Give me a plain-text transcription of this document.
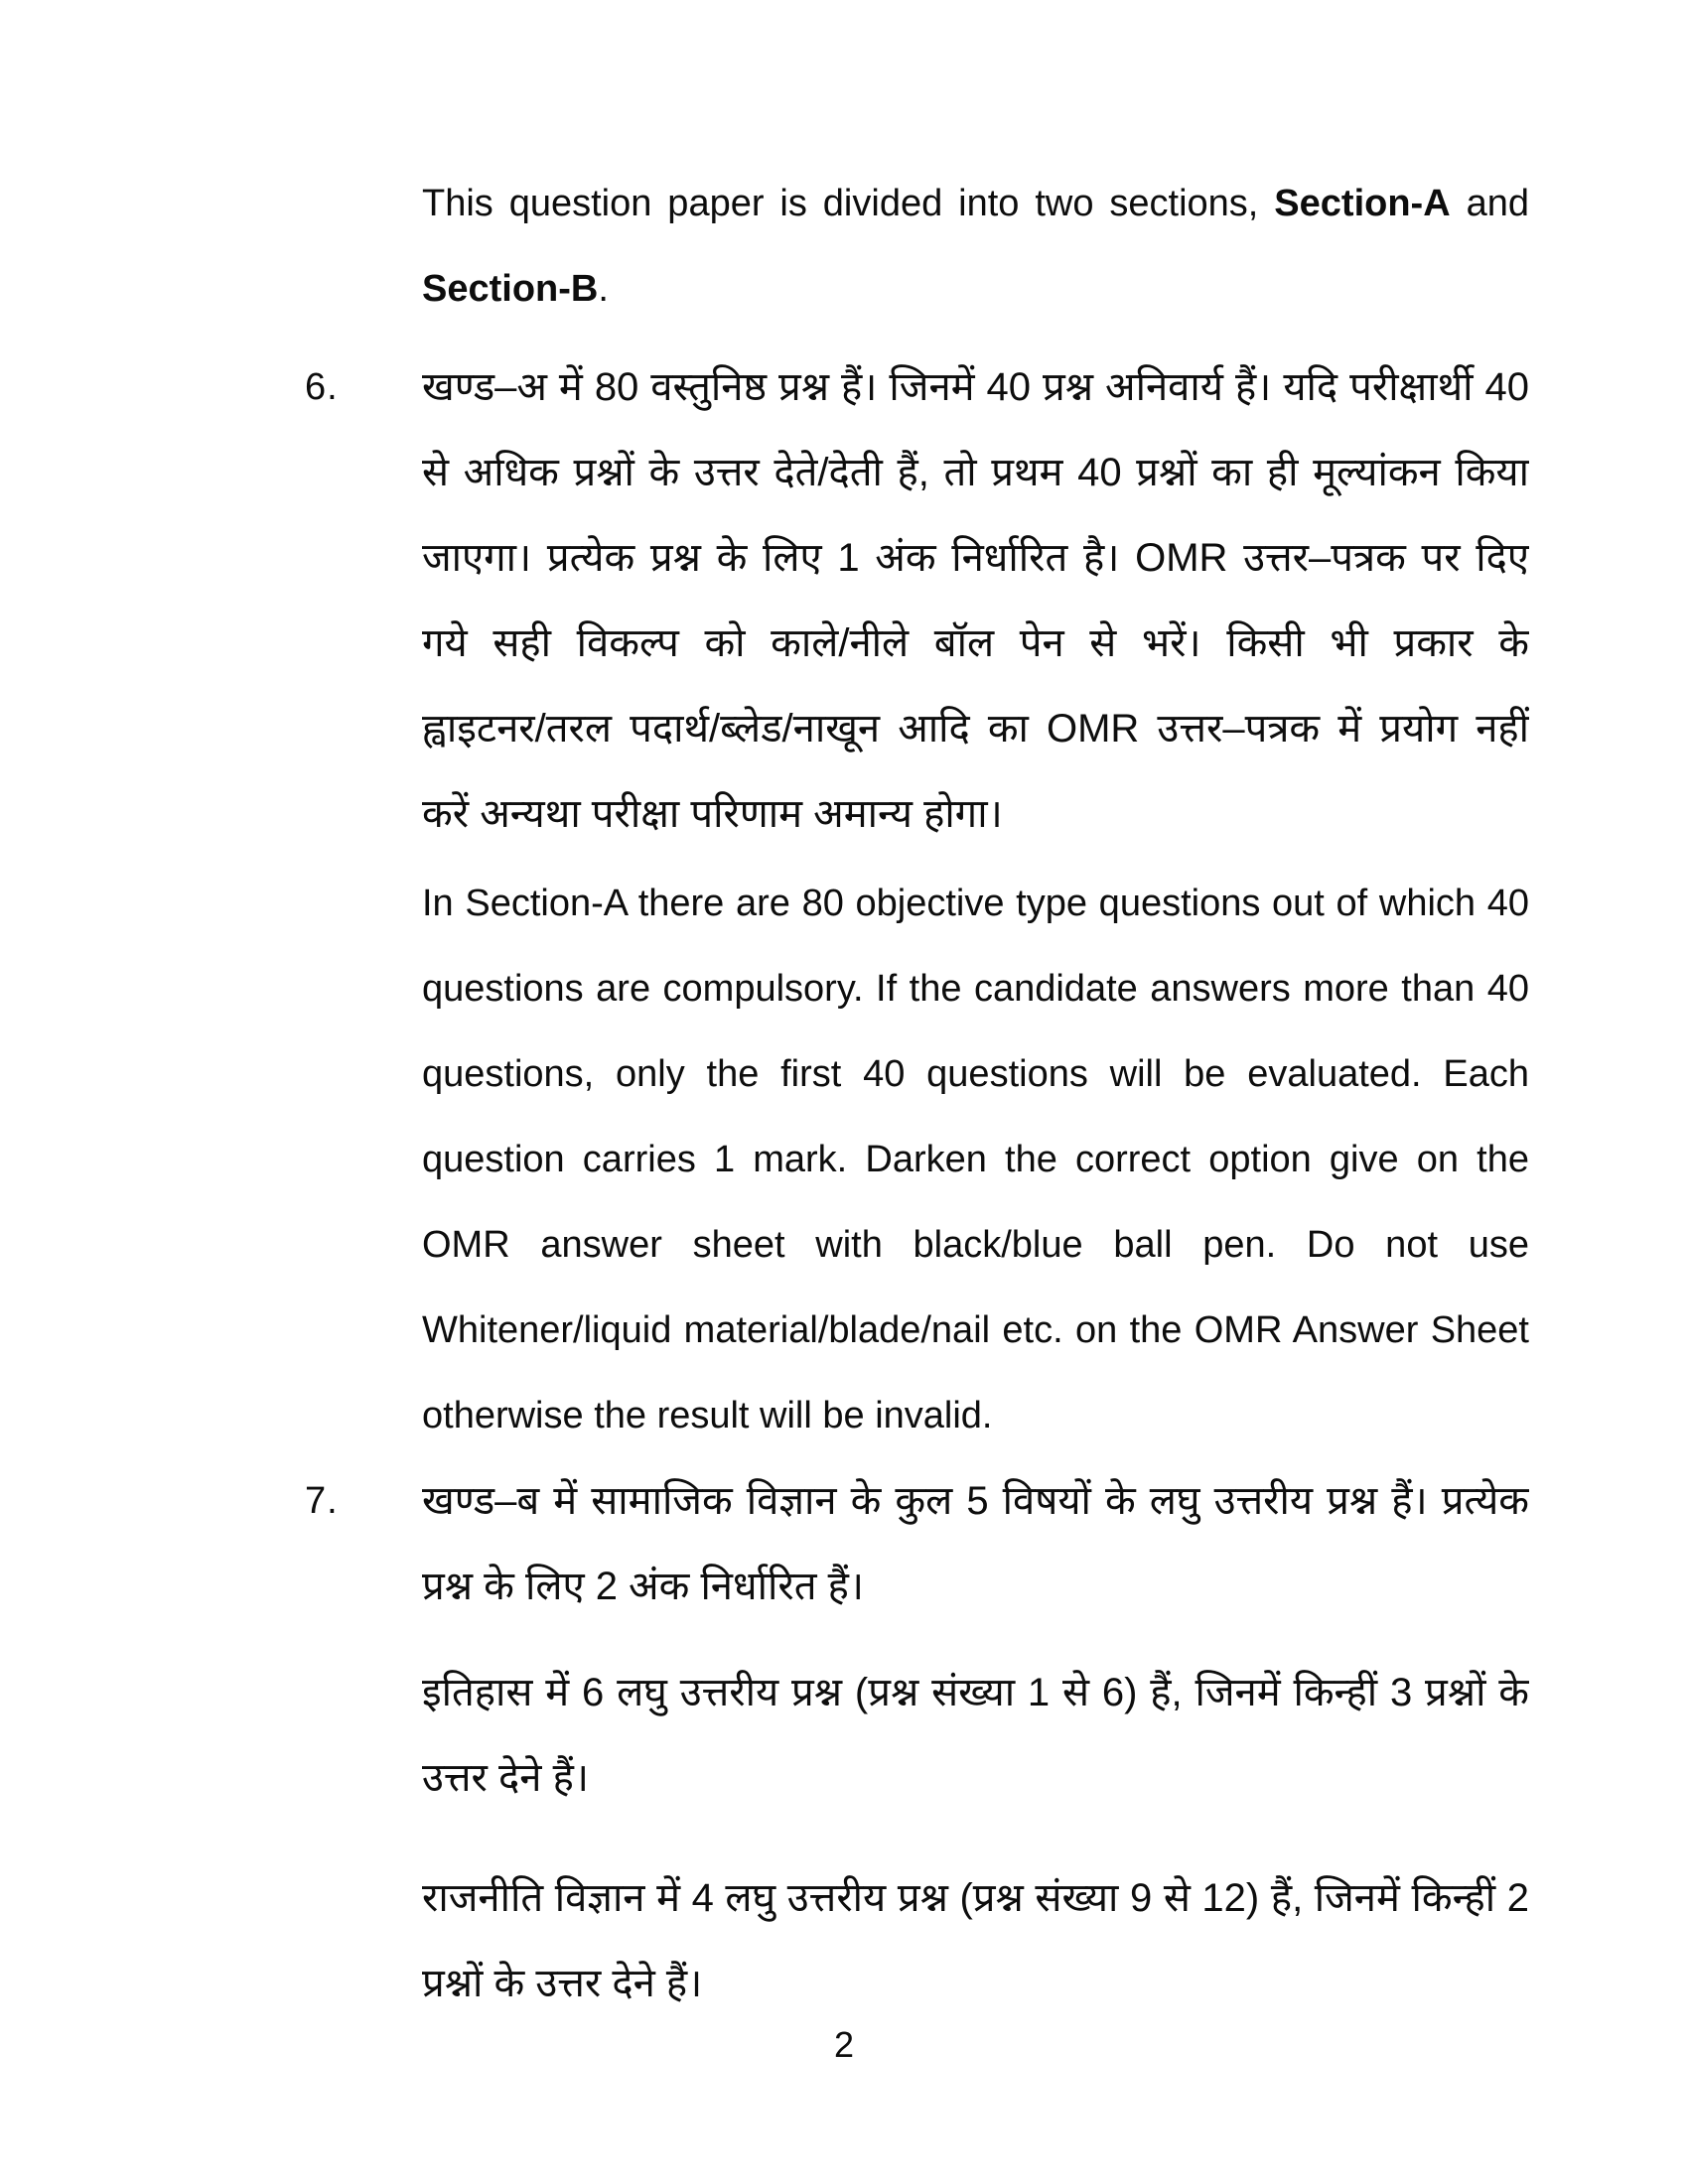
This question paper is divided into two sections, Section-A and
Section-B.
6.	खण्ड–अ में 80 वस्तुनिष्ठ प्रश्न हैं। जिनमें 40 प्रश्न अनिवार्य हैं। यदि परीक्षार्थी 40
से अधिक प्रश्नों के उत्तर देते/देती हैं, तो प्रथम 40 प्रश्नों का ही मूल्यांकन किया
जाएगा। प्रत्येक प्रश्न के लिए 1 अंक निर्धारित है। OMR उत्तर–पत्रक पर दिए
गये सही विकल्प को काले/नीले बॉल पेन से भरें। किसी भी प्रकार के
ह्वाइटनर/तरल पदार्थ/ब्लेड/नाखून आदि का OMR उत्तर–पत्रक में प्रयोग नहीं
करें अन्यथा परीक्षा परिणाम अमान्य होगा।
In Section-A there are 80 objective type questions out of which 40
questions are compulsory. If the candidate answers more than 40
questions, only the first 40 questions will be evaluated. Each
question carries 1 mark. Darken the correct option give on the
OMR answer sheet with black/blue ball pen. Do not use
Whitener/liquid material/blade/nail etc. on the OMR Answer Sheet
otherwise the result will be invalid.
7.	खण्ड–ब में सामाजिक विज्ञान के कुल 5 विषयों के लघु उत्तरीय प्रश्न हैं। प्रत्येक
प्रश्न के लिए 2 अंक निर्धारित हैं।
इतिहास में 6 लघु उत्तरीय प्रश्न (प्रश्न संख्या 1 से 6) हैं, जिनमें किन्हीं 3 प्रश्नों के
उत्तर देने हैं।
राजनीति विज्ञान में 4 लघु उत्तरीय प्रश्न (प्रश्न संख्या 9 से 12) हैं, जिनमें किन्हीं 2
प्रश्नों के उत्तर देने हैं।
2
